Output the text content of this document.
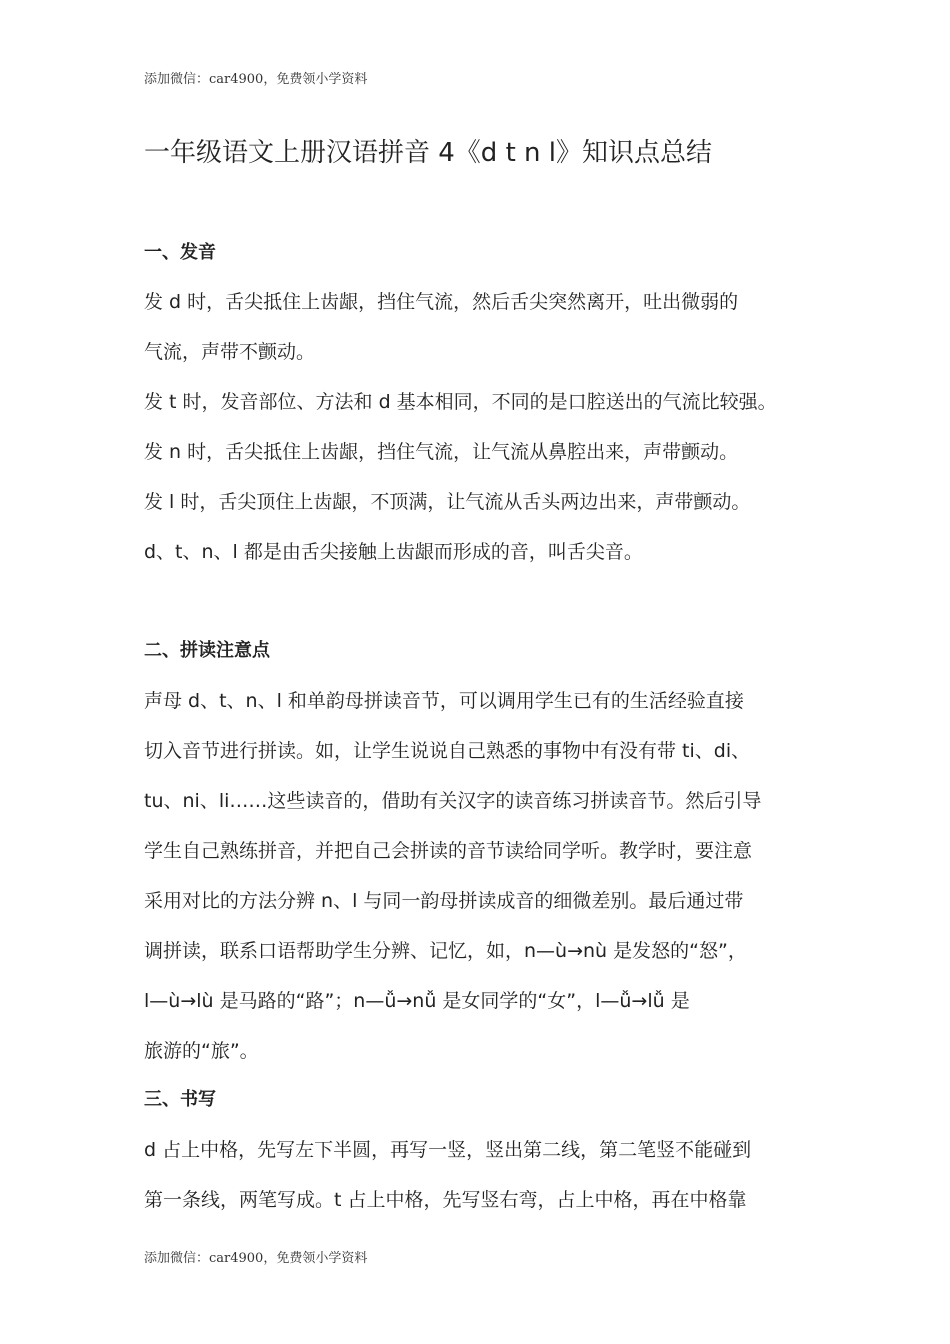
添加微信：car4900，免费领小学资料
一年级语文上册汉语拼音 4《d t n l》知识点总结
一、发音
发 d 时，舌尖抵住上齿龈，挡住气流，然后舌尖突然离开，吐出微弱的
气流，声带不颤动。
发 t 时，发音部位、方法和 d 基本相同，不同的是口腔送出的气流比较强。
发 n 时，舌尖抵住上齿龈，挡住气流，让气流从鼻腔出来，声带颤动。
发 l 时，舌尖顶住上齿龈，不顶满，让气流从舌头两边出来，声带颤动。
d、t、n、l 都是由舌尖接触上齿龈而形成的音，叫舌尖音。
二、拼读注意点
声母 d、t、n、l 和单韵母拼读音节，可以调用学生已有的生活经验直接
切入音节进行拼读。如，让学生说说自己熟悉的事物中有没有带 ti、di、
tu、ni、li……这些读音的，借助有关汉字的读音练习拼读音节。然后引导
学生自己熟练拼音，并把自己会拼读的音节读给同学听。教学时，要注意
采用对比的方法分辨 n、l 与同一韵母拼读成音的细微差别。最后通过带
调拼读，联系口语帮助学生分辨、记忆，如，n—ù→nù 是发怒的“怒”，
l—ù→lù 是马路的“路”；n—ǚ→nǚ 是女同学的“女”，l—ǚ→lǚ 是
旅游的“旅”。
三、书写
d 占上中格，先写左下半圆，再写一竖，竖出第二线，第二笔竖不能碰到
第一条线，两笔写成。t 占上中格，先写竖右弯，占上中格，再在中格靠
添加微信：car4900，免费领小学资料
